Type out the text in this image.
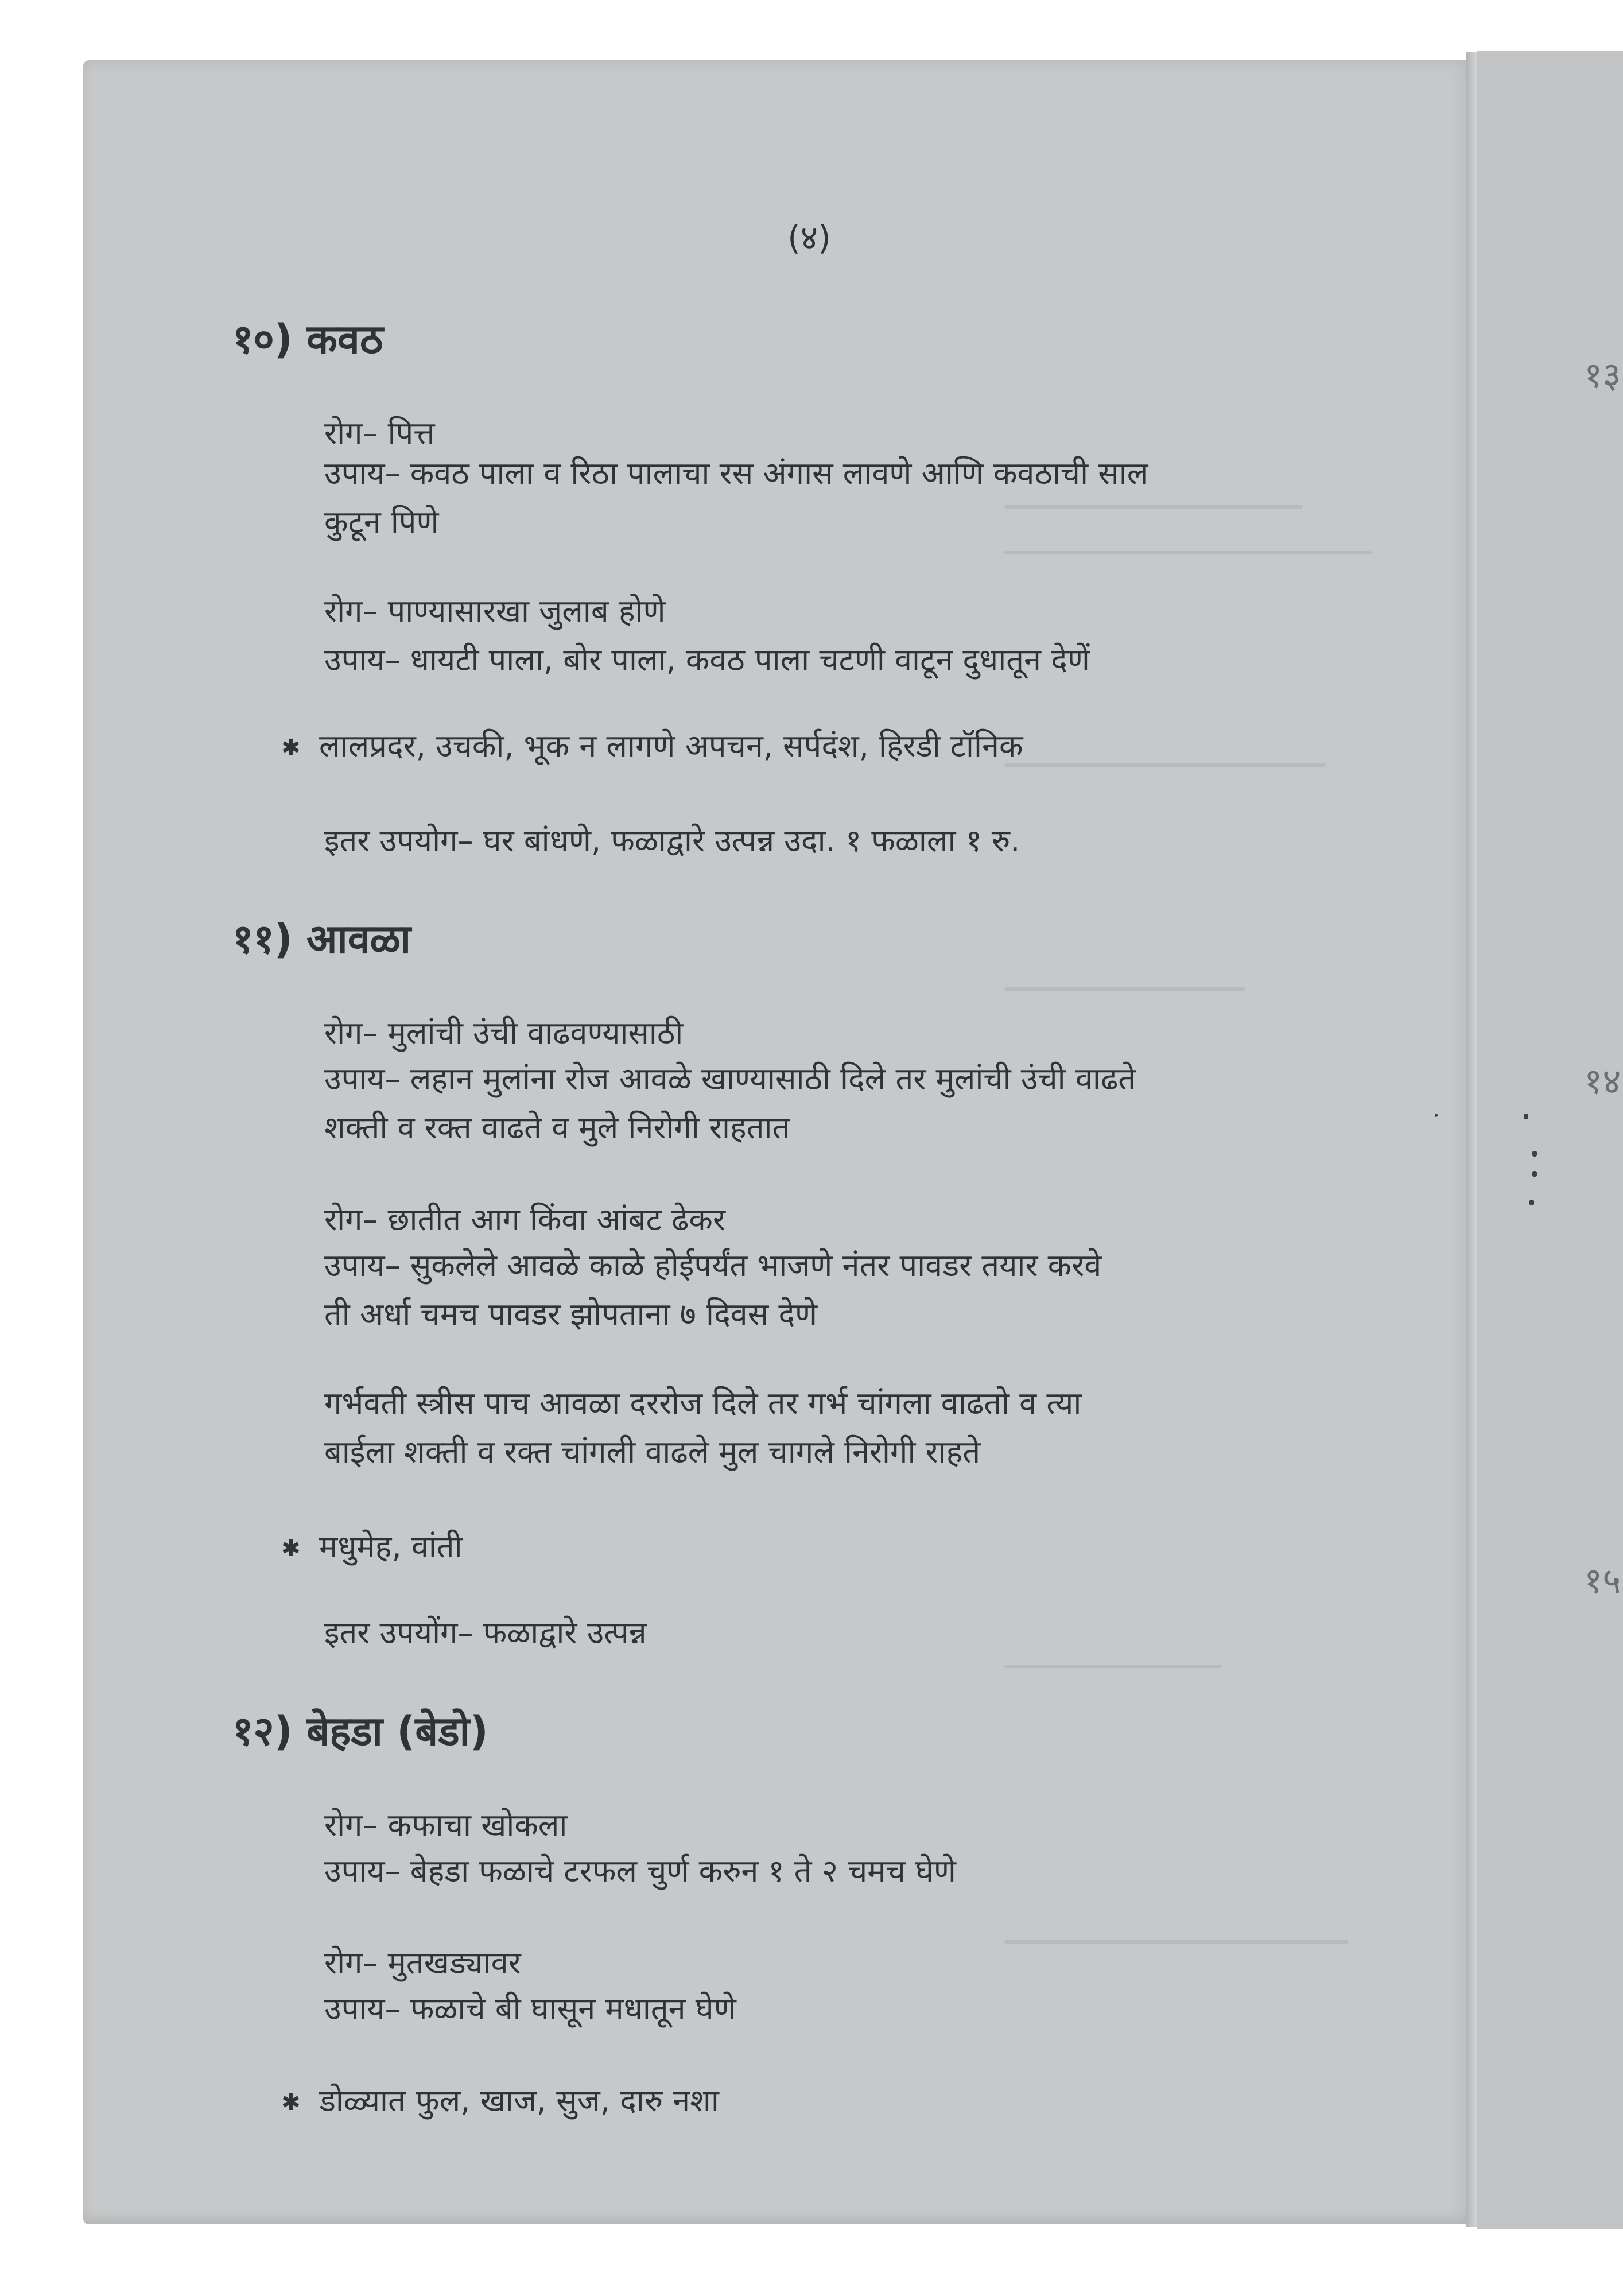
१३
१४
१५
(४)
१०) कवठ
रोग– पित्त
उपाय– कवठ पाला व रिठा पालाचा रस अंगास लावणे आणि कवठाची साल
कुटून पिणे
रोग– पाण्यासारखा जुलाब होणे
उपाय– धायटी पाला, बोर पाला, कवठ पाला चटणी वाटून दुधातून देणें
✱ लालप्रदर, उचकी, भूक न लागणे अपचन, सर्पदंश, हिरडी टॉनिक
इतर उपयोग– घर बांधणे, फळाद्वारे उत्पन्न उदा. १ फळाला १ रु.
११) आवळा
रोग– मुलांची उंची वाढवण्यासाठी
उपाय– लहान मुलांना रोज आवळे खाण्यासाठी दिले तर मुलांची उंची वाढते
शक्ती व रक्त वाढते व मुले निरोगी राहतात
रोग– छातीत आग किंवा आंबट ढेकर
उपाय– सुकलेले आवळे काळे होईपर्यंत भाजणे नंतर पावडर तयार करवे
ती अर्धा चमच पावडर झोपताना ७ दिवस देणे
गर्भवती स्त्रीस पाच आवळा दररोज दिले तर गर्भ चांगला वाढतो व त्या
बाईला शक्ती व रक्त चांगली वाढले मुल चागले निरोगी राहते
✱ मधुमेह, वांती
इतर उपयोंग– फळाद्वारे उत्पन्न
१२) बेहडा (बेडो)
रोग– कफाचा खोकला
उपाय– बेहडा फळाचे टरफल चुर्ण करुन १ ते २ चमच घेणे
रोग– मुतखड्यावर
उपाय– फळाचे बी घासून मधातून घेणे
✱ डोळ्यात फुल, खाज, सुज, दारु नशा
